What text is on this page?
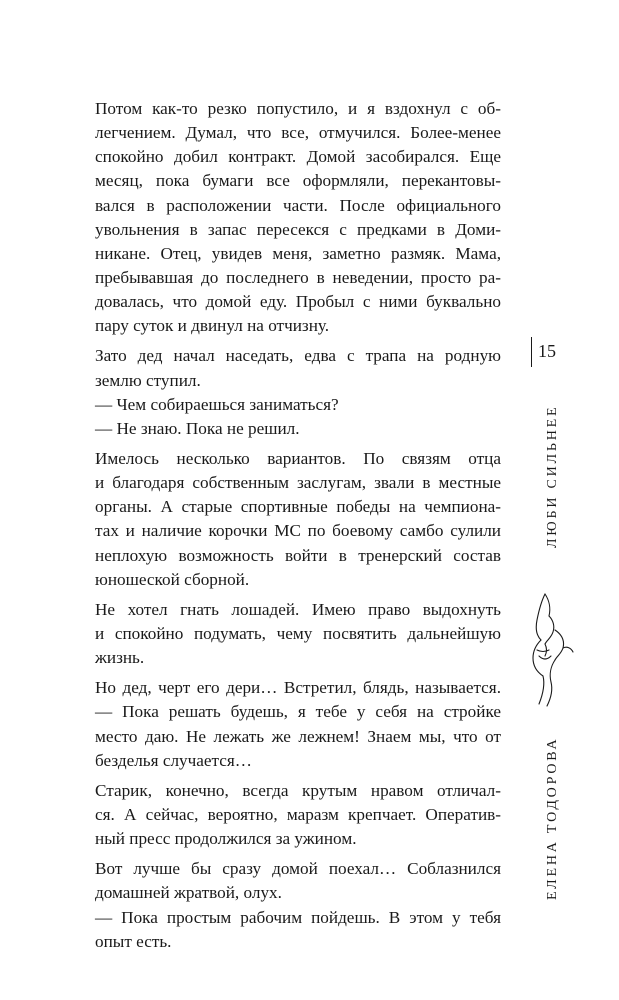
Потом как-то резко попустило, и я вздохнул с об-
легчением. Думал, что все, отмучился. Более-менее
спокойно добил контракт. Домой засобирался. Еще
месяц, пока бумаги все оформляли, перекантовы-
вался в расположении части. После официального
увольнения в запас пересекся с предками в Доми-
никане. Отец, увидев меня, заметно размяк. Мама,
пребывавшая до последнего в неведении, просто ра-
довалась, что домой еду. Пробыл с ними буквально
пару суток и двинул на отчизну.
Зато дед начал наседать, едва с трапа на родную
землю ступил.
— Чем собираешься заниматься?
— Не знаю. Пока не решил.
Имелось несколько вариантов. По связям отца
и благодаря собственным заслугам, звали в местные
органы. А старые спортивные победы на чемпиона-
тах и наличие корочки МС по боевому самбо сулили
неплохую возможность войти в тренерский состав
юношеской сборной.
Не хотел гнать лошадей. Имею право выдохнуть
и спокойно подумать, чему посвятить дальнейшую
жизнь.
Но дед, черт его дери… Встретил, блядь, называется.
— Пока решать будешь, я тебе у себя на стройке
место даю. Не лежать же лежнем! Знаем мы, что от
безделья случается…
Старик, конечно, всегда крутым нравом отличал-
ся. А сейчас, вероятно, маразм крепчает. Оператив-
ный пресс продолжился за ужином.
Вот лучше бы сразу домой поехал… Соблазнился
домашней жратвой, олух.
— Пока простым рабочим пойдешь. В этом у тебя
опыт есть.
15
ЛЮБИ СИЛЬНЕЕ
ЕЛЕНА ТОДОРОВА
